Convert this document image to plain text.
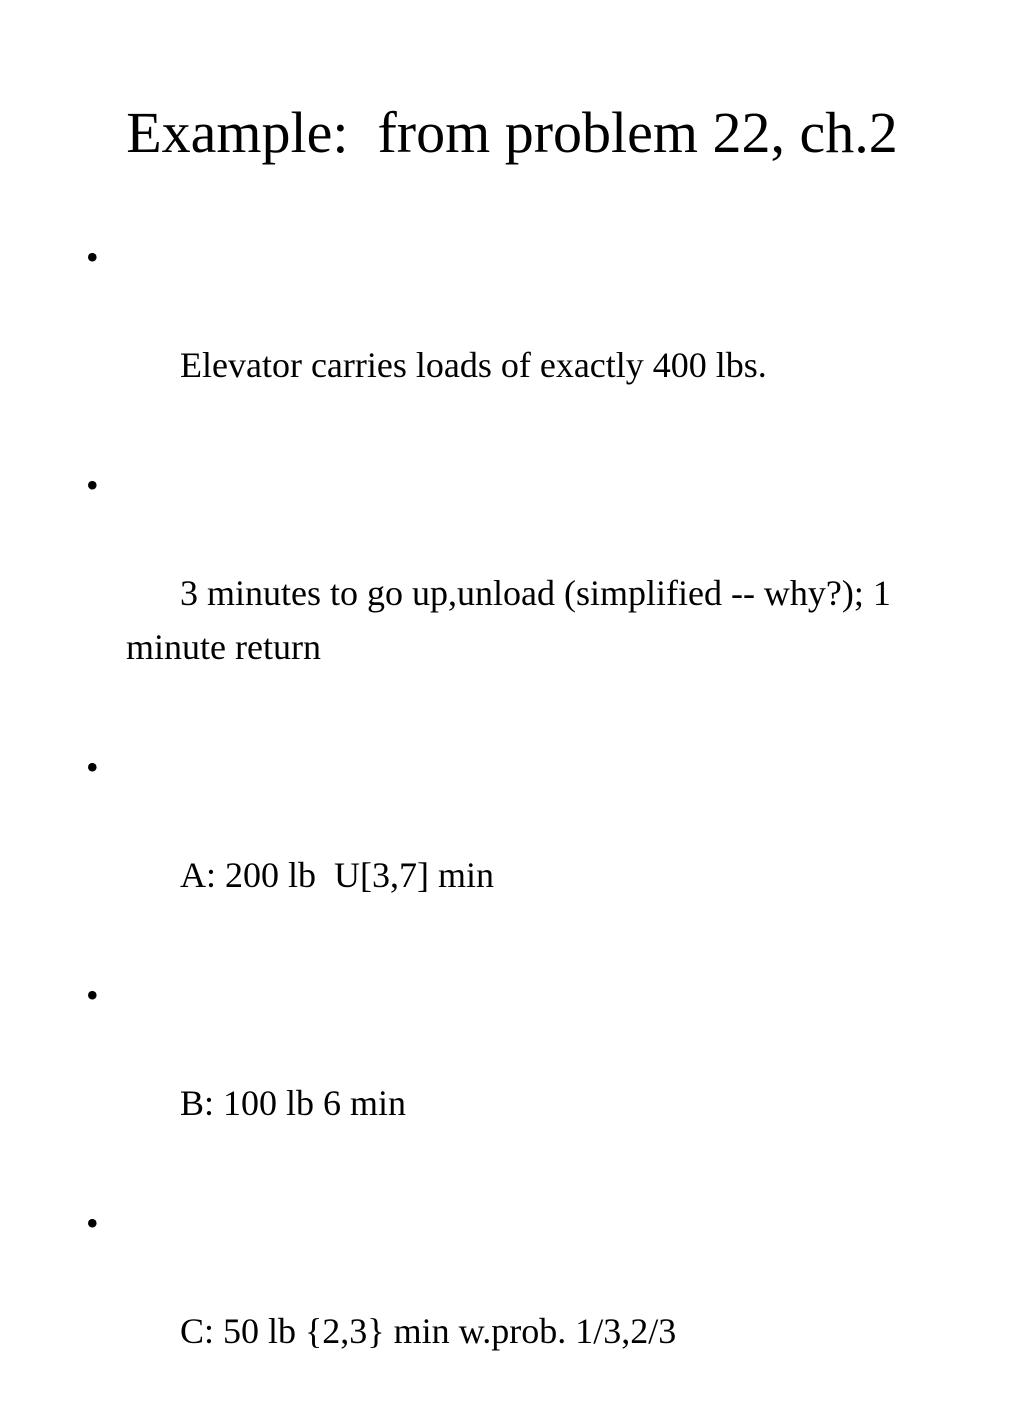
Example:  from problem 22, ch.2

•

Elevator carries loads of exactly 400 lbs.

•

3 minutes to go up,unload (simplified -- why?); 1 minute return

•

A: 200 lb  U[3,7] min

•

B: 100 lb 6 min

•

C: 50 lb {2,3} min w.prob. 1/3,2/3
